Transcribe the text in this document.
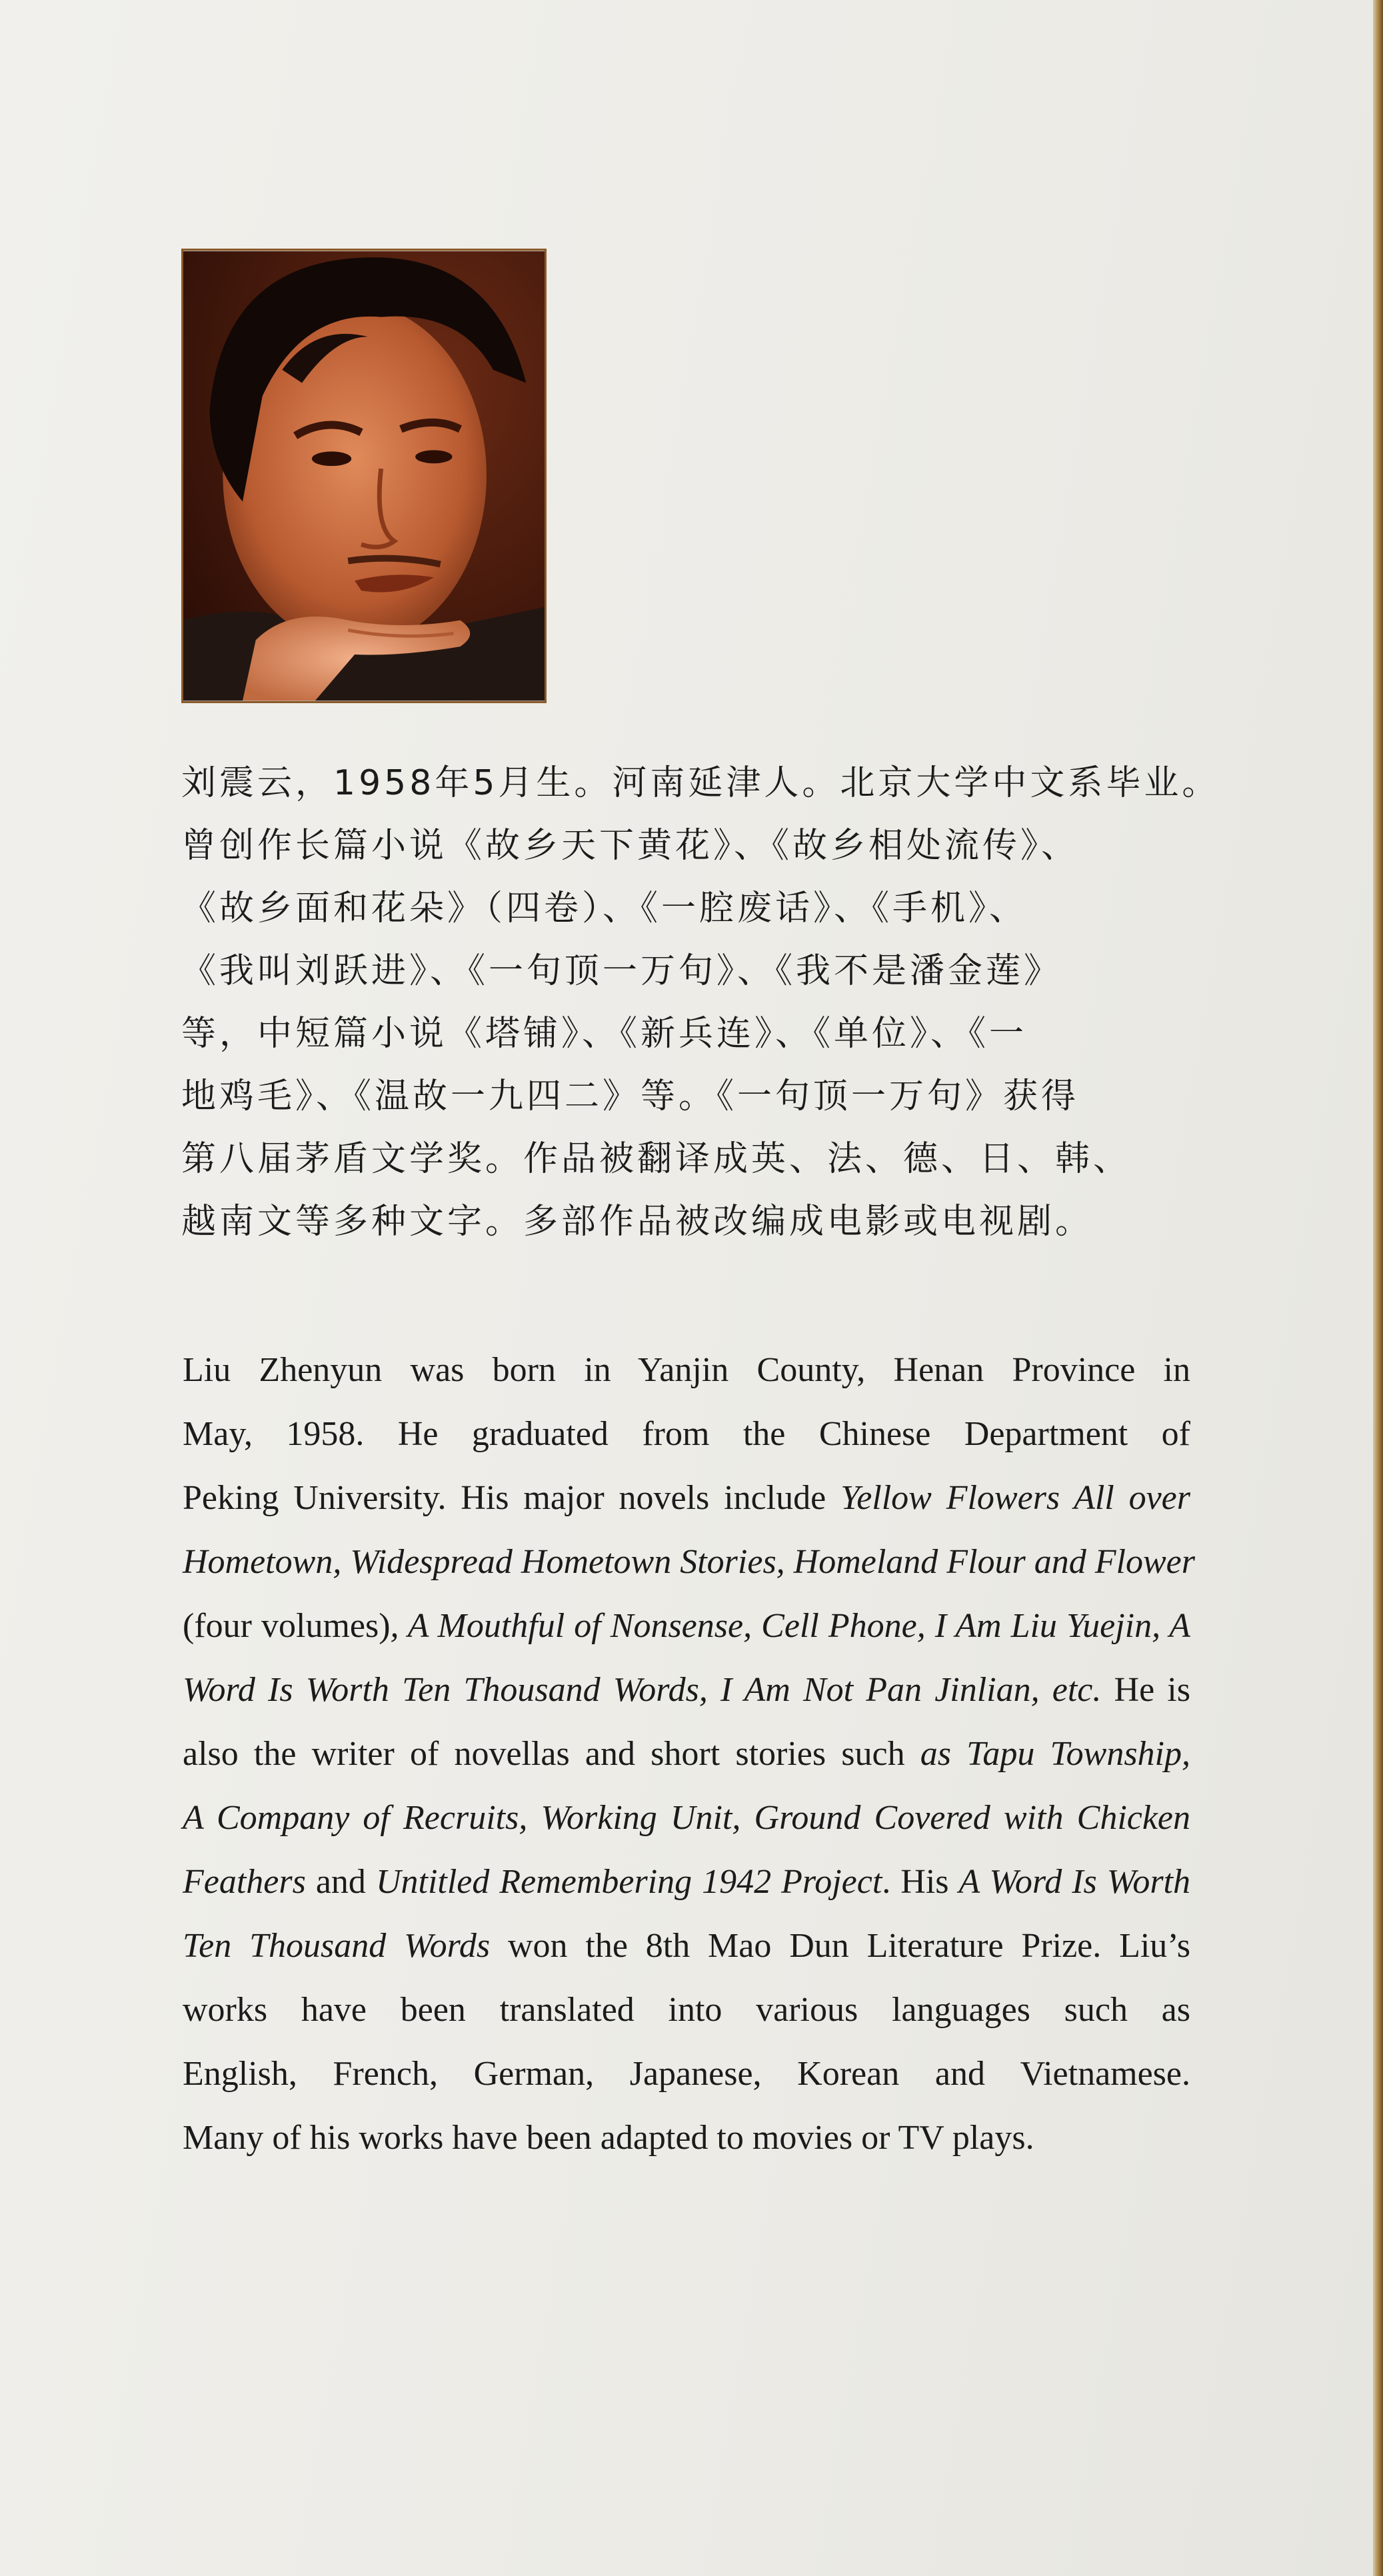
刘震云，1958年5月生。河南延津人。北京大学中文系毕业。
曾创作长篇小说《故乡天下黄花》、《故乡相处流传》、
《故乡面和花朵》（四卷）、《一腔废话》、《手机》、
《我叫刘跃进》、《一句顶一万句》、《我不是潘金莲》
等，中短篇小说《塔铺》、《新兵连》、《单位》、《一
地鸡毛》、《温故一九四二》等。《一句顶一万句》获得
第八届茅盾文学奖。作品被翻译成英、法、德、日、韩、
越南文等多种文字。多部作品被改编成电影或电视剧。
Liu Zhenyun was born in Yanjin County, Henan Province in
May, 1958. He graduated from the Chinese Department of
Peking University. His major novels include Yellow Flowers All over
Hometown, Widespread Hometown Stories, Homeland Flour and Flower
(four volumes), A Mouthful of Nonsense, Cell Phone, I Am Liu Yuejin, A
Word Is Worth Ten Thousand Words, I Am Not Pan Jinlian, etc. He is
also the writer of novellas and short stories such as Tapu Township,
A Company of Recruits, Working Unit, Ground Covered with Chicken
Feathers and Untitled Remembering 1942 Project. His A Word Is Worth
Ten Thousand Words won the 8th Mao Dun Literature Prize. Liu’s
works have been translated into various languages such as
English, French, German, Japanese, Korean and Vietnamese.
Many of his works have been adapted to movies or TV plays.
